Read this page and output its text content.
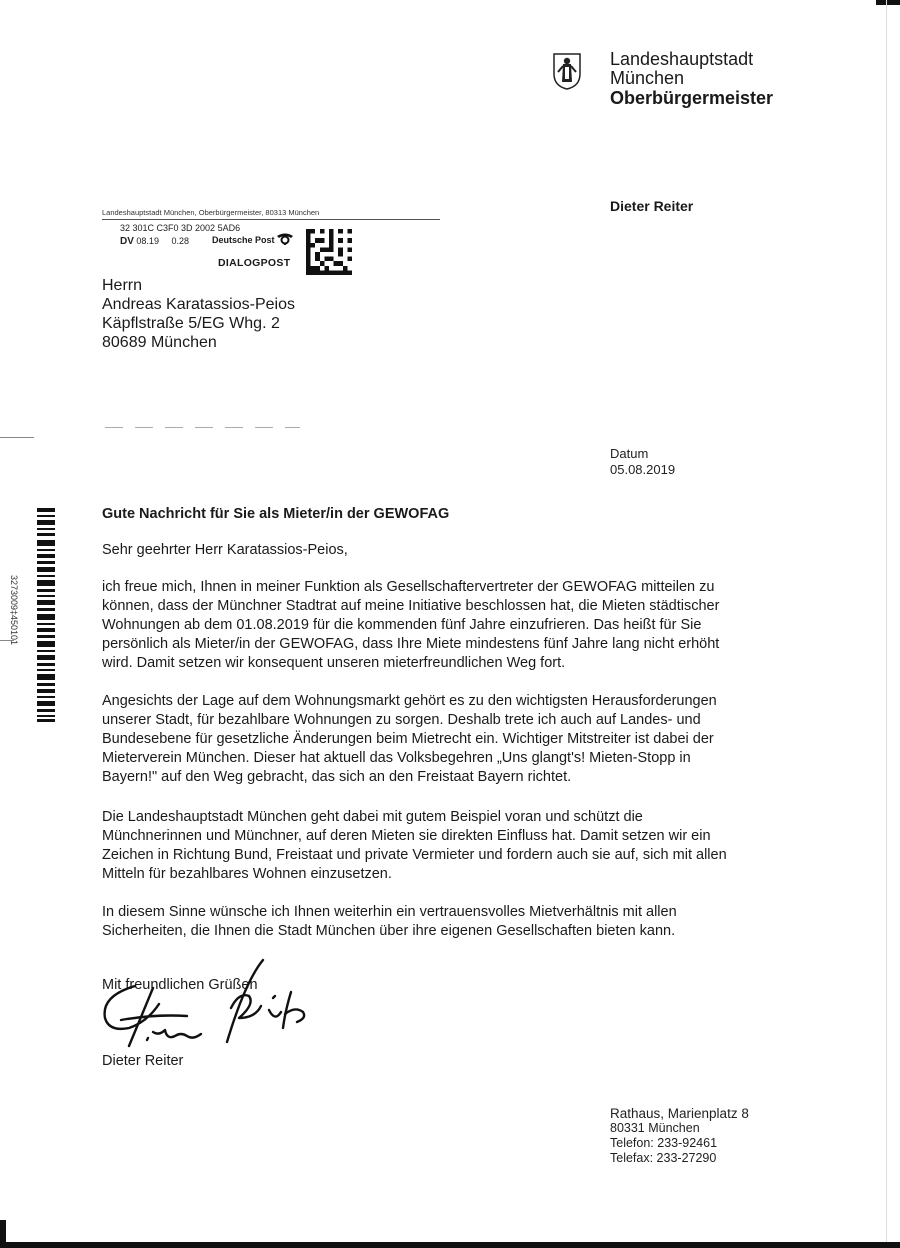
Landeshauptstadt
München
Oberbürgermeister
Dieter Reiter
Landeshauptstadt München, Oberbürgermeister, 80313 München
32 301C C3F0 3D 2002 5AD6
DV 08.19     0.28	Deutsche Post
DIALOGPOST
Herrn
Andreas Karatassios-Peios
Käpflstraße 5/EG Whg. 2
80689 München
Datum
05.08.2019
Gute Nachricht für Sie als Mieter/in der GEWOFAG
Sehr geehrter Herr Karatassios-Peios,
ich freue mich, Ihnen in meiner Funktion als Gesellschaftervertreter der GEWOFAG mitteilen zu
können, dass der Münchner Stadtrat auf meine Initiative beschlossen hat, die Mieten städtischer
Wohnungen ab dem 01.08.2019 für die kommenden fünf Jahre einzufrieren. Das heißt für Sie
persönlich als Mieter/in der GEWOFAG, dass Ihre Miete mindestens fünf Jahre lang nicht erhöht
wird. Damit setzen wir konsequent unseren mieterfreundlichen Weg fort.
Angesichts der Lage auf dem Wohnungsmarkt gehört es zu den wichtigsten Herausforderungen
unserer Stadt, für bezahlbare Wohnungen zu sorgen. Deshalb trete ich auch auf Landes- und
Bundesebene für gesetzliche Änderungen beim Mietrecht ein. Wichtiger Mitstreiter ist dabei der
Mieterverein München. Dieser hat aktuell das Volksbegehren „Uns glangt's! Mieten-Stopp in
Bayern!" auf den Weg gebracht, das sich an den Freistaat Bayern richtet.
Die Landeshauptstadt München geht dabei mit gutem Beispiel voran und schützt die
Münchnerinnen und Münchner, auf deren Mieten sie direkten Einfluss hat. Damit setzen wir ein
Zeichen in Richtung Bund, Freistaat und private Vermieter und fordern auch sie auf, sich mit allen
Mitteln für bezahlbares Wohnen einzusetzen.
In diesem Sinne wünsche ich Ihnen weiterhin ein vertrauensvolles Mietverhältnis mit allen
Sicherheiten, die Ihnen die Stadt München über ihre eigenen Gesellschaften bieten kann.
Mit freundlichen Grüßen
Dieter Reiter
Rathaus, Marienplatz 8
80331 München
Telefon: 233-92461
Telefax: 233-27290
3273009‡450101
